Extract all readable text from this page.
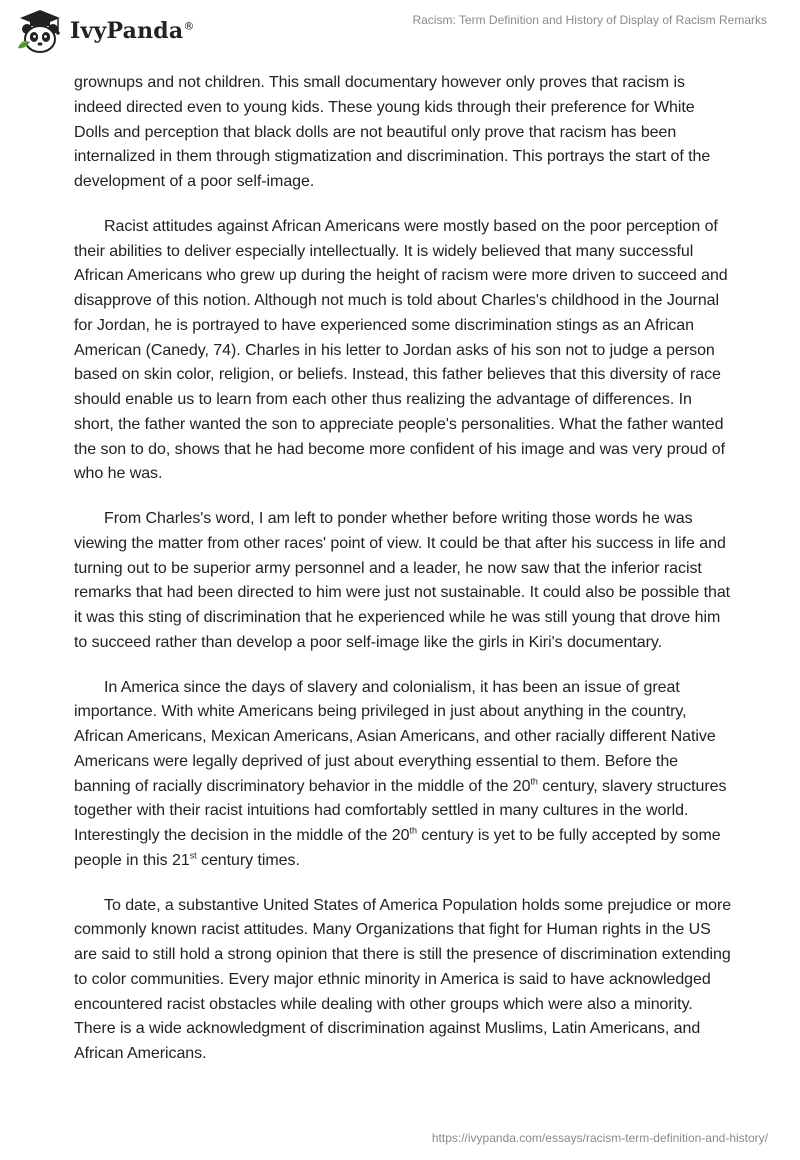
IvyPanda®	Racism: Term Definition and History of Display of Racism Remarks

grownups and not children. This small documentary however only proves that racism is indeed directed even to young kids. These young kids through their preference for White Dolls and perception that black dolls are not beautiful only prove that racism has been internalized in them through stigmatization and discrimination. This portrays the start of the development of a poor self-image.

Racist attitudes against African Americans were mostly based on the poor perception of their abilities to deliver especially intellectually. It is widely believed that many successful African Americans who grew up during the height of racism were more driven to succeed and disapprove of this notion. Although not much is told about Charles's childhood in the Journal for Jordan, he is portrayed to have experienced some discrimination stings as an African American (Canedy, 74). Charles in his letter to Jordan asks of his son not to judge a person based on skin color, religion, or beliefs. Instead, this father believes that this diversity of race should enable us to learn from each other thus realizing the advantage of differences. In short, the father wanted the son to appreciate people's personalities. What the father wanted the son to do, shows that he had become more confident of his image and was very proud of who he was.

From Charles's word, I am left to ponder whether before writing those words he was viewing the matter from other races' point of view. It could be that after his success in life and turning out to be superior army personnel and a leader, he now saw that the inferior racist remarks that had been directed to him were just not sustainable. It could also be possible that it was this sting of discrimination that he experienced while he was still young that drove him to succeed rather than develop a poor self-image like the girls in Kiri's documentary.

In America since the days of slavery and colonialism, it has been an issue of great importance. With white Americans being privileged in just about anything in the country, African Americans, Mexican Americans, Asian Americans, and other racially different Native Americans were legally deprived of just about everything essential to them. Before the banning of racially discriminatory behavior in the middle of the 20th century, slavery structures together with their racist intuitions had comfortably settled in many cultures in the world. Interestingly the decision in the middle of the 20th century is yet to be fully accepted by some people in this 21st century times.

To date, a substantive United States of America Population holds some prejudice or more commonly known racist attitudes. Many Organizations that fight for Human rights in the US are said to still hold a strong opinion that there is still the presence of discrimination extending to color communities. Every major ethnic minority in America is said to have acknowledged encountered racist obstacles while dealing with other groups which were also a minority. There is a wide acknowledgment of discrimination against Muslims, Latin Americans, and African Americans.

https://ivypanda.com/essays/racism-term-definition-and-history/
